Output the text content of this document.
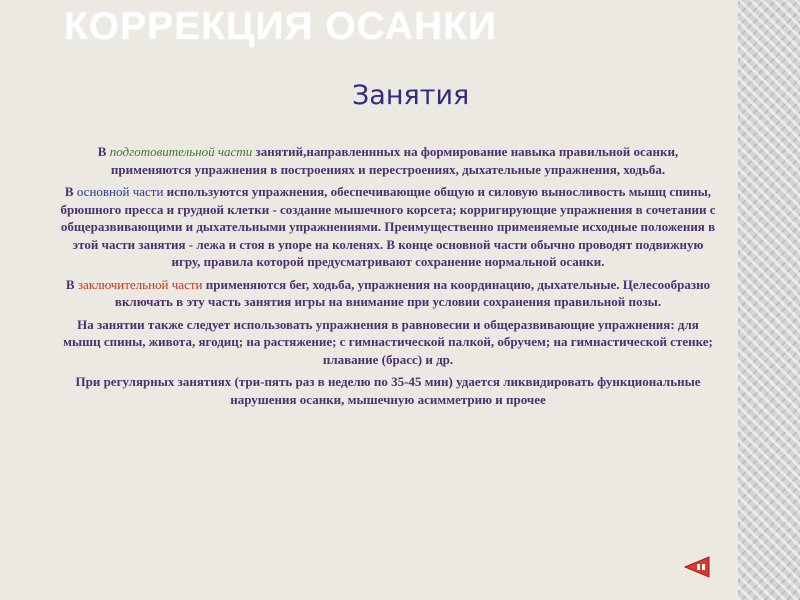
КОРРЕКЦИЯ ОСАНКИ
Занятия

В подготовительной части занятий,направленнных на формирование навыка правильной осанки, применяются упражнения в построениях и перестроениях, дыхательные упражнения, ходьба.

В основной части используются упражнения, обеспечивающие общую и силовую выносливость мышц спины, брюшного пресса и грудной клетки - создание мышечного корсета; корригирующие упражнения в сочетании с общеразвивающими и дыхательными упражнениями. Преимущественно применяемые исходные положения в этой части занятия - лежа и стоя в упоре на коленях. В конце основной части обычно проводят подвижную игру, правила которой предусматривают сохранение нормальной осанки.

В заключительной части применяются бег, ходьба, упражнения на координацию, дыхательные. Целесообразно включать в эту часть занятия игры на внимание при условии сохранения правильной позы.

На занятии также следует использовать упражнения в равновесии и общеразвивающие упражнения: для мышц спины, живота, ягодиц; на растяжение; с гимнастической палкой, обручем; на гимнастической стенке; плавание (брасс) и др.

При регулярных занятиях (три-пять раз в неделю по 35-45 мин) удается ликвидировать функциональные нарушения осанки, мышечную асимметрию и прочее
